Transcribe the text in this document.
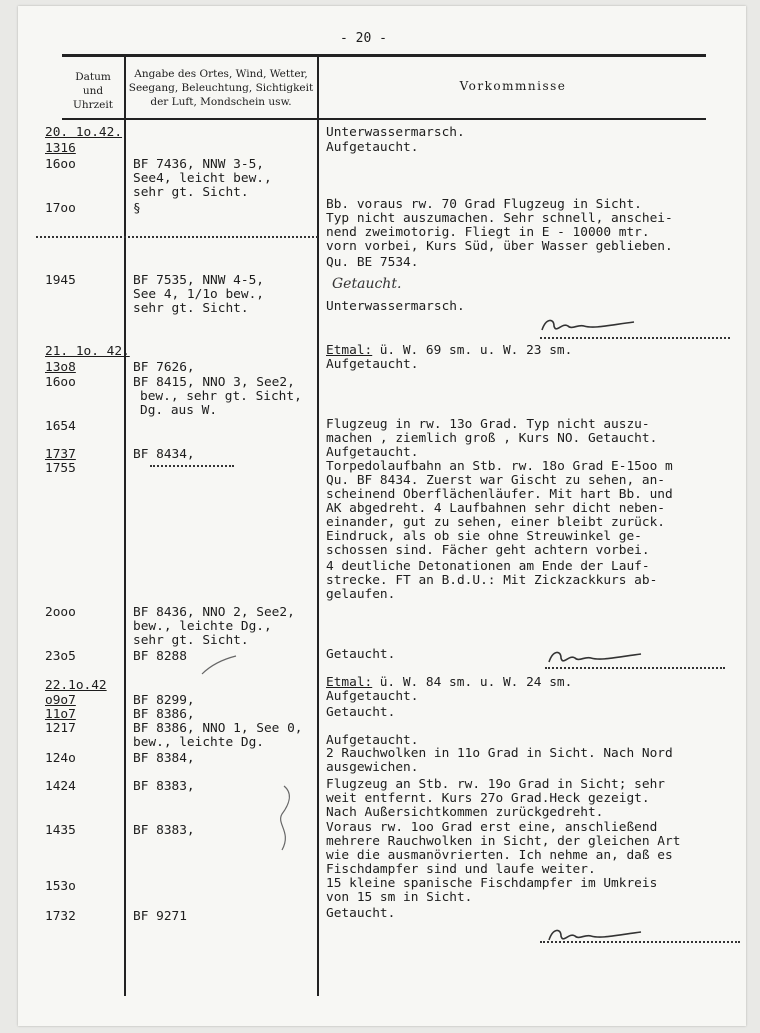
- 20 -
Datum
und
Uhrzeit
Angabe des Ortes, Wind, Wetter,
Seegang, Beleuchtung, Sichtigkeit
der Luft, Mondschein usw.
Vorkommnisse
20. 1o.42.
1316
16oo
17oo
1945
21. 1o. 42.
13o8
16oo
1654
1737
1755
2ooo
23o5
22.1o.42
o9o7
11o7
1217
124o
1424
1435
153o
1732
BF 7436, NNW 3-5,
See4, leicht bew.,
sehr gt. Sicht.
§
BF 7535, NNW 4-5,
See 4, 1/1o bew.,
sehr gt. Sicht.
BF 7626,
BF 8415, NNO 3, See2,
bew., sehr gt. Sicht,
Dg. aus W.
BF 8434,
BF 8436, NNO 2, See2,
bew., leichte Dg.,
sehr gt. Sicht.
BF 8288
BF 8299,
BF 8386,
BF 8386, NNO 1, See 0,
bew., leichte Dg.
BF 8384,
BF 8383,
BF 8383,
BF 9271
Unterwassermarsch.
Aufgetaucht.
Bb. voraus rw. 70 Grad Flugzeug in Sicht.
Typ nicht auszumachen. Sehr schnell, anschei-
nend zweimotorig. Fliegt in E - 10000 mtr.
vorn vorbei, Kurs Süd, über Wasser geblieben.
Qu. BE 7534.
Getaucht.
Unterwassermarsch.
Etmal: ü. W. 69 sm. u. W. 23 sm.
Aufgetaucht.
Flugzeug in rw. 13o Grad. Typ nicht auszu-
machen , ziemlich groß , Kurs NO. Getaucht.
Aufgetaucht.
Torpedolaufbahn an Stb. rw. 18o Grad E-15oo m
Qu. BF 8434. Zuerst war Gischt zu sehen, an-
scheinend Oberflächenläufer. Mit hart Bb. und
AK abgedreht. 4 Laufbahnen sehr dicht neben-
einander, gut zu sehen, einer bleibt zurück.
Eindruck, als ob sie ohne Streuwinkel ge-
schossen sind. Fächer geht achtern vorbei.
4 deutliche Detonationen am Ende der Lauf-
strecke. FT an B.d.U.: Mit Zickzackkurs ab-
gelaufen.
Getaucht.
Etmal: ü. W. 84 sm. u. W. 24 sm.
Aufgetaucht.
Getaucht.
Aufgetaucht.
2 Rauchwolken in 11o Grad in Sicht. Nach Nord
ausgewichen.
Flugzeug an Stb. rw. 19o Grad in Sicht; sehr
weit entfernt. Kurs 27o Grad.Heck gezeigt.
Nach Außersichtkommen zurückgedreht.
Voraus rw. 1oo Grad erst eine, anschließend
mehrere Rauchwolken in Sicht, der gleichen Art
wie die ausmanövrierten. Ich nehme an, daß es
Fischdampfer sind und laufe weiter.
15 kleine spanische Fischdampfer im Umkreis
von 15 sm in Sicht.
Getaucht.
